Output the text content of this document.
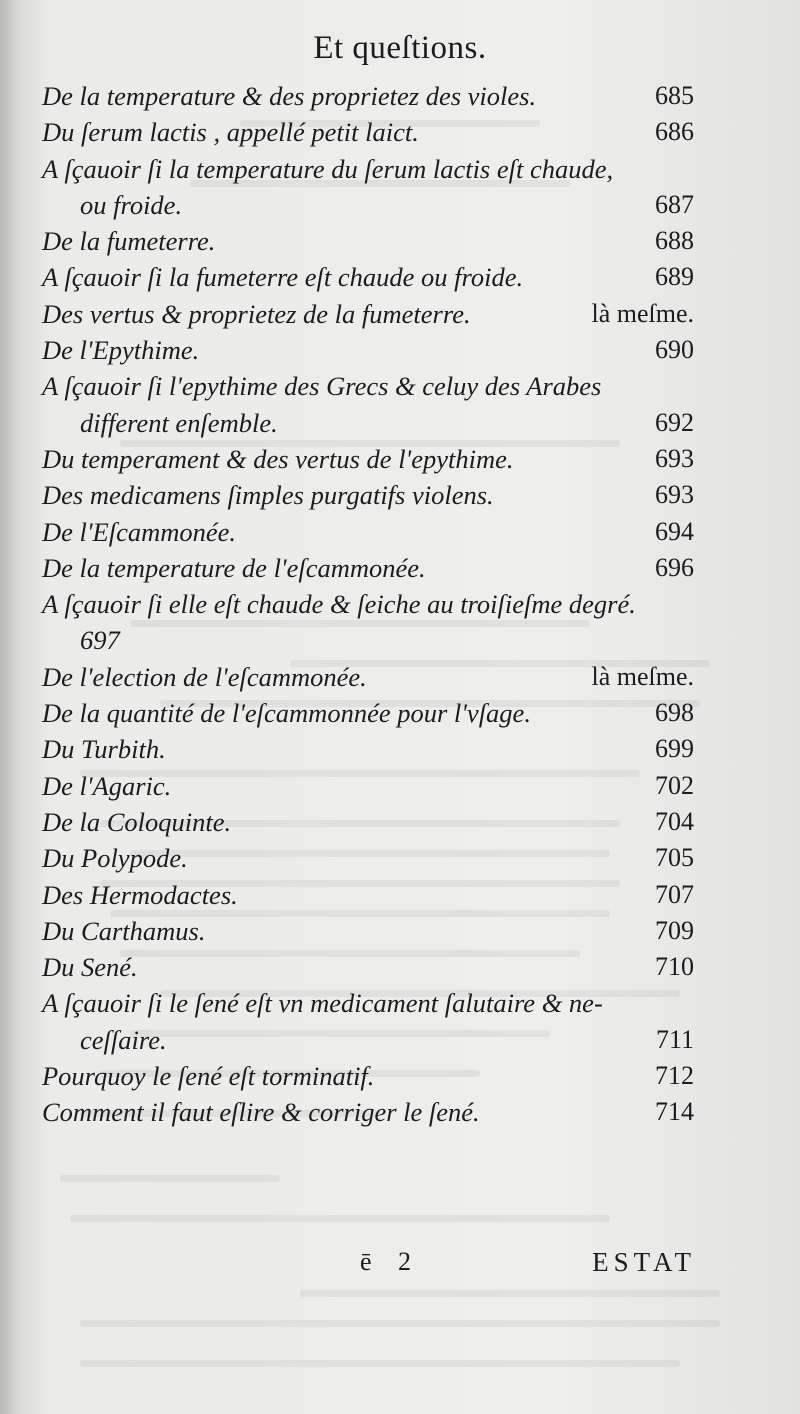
Et queſtions.
De la temperature & des proprietez des violes.	685
Du ſerum lactis , appellé petit laict.	686
A ſçauoir ſi la temperature du ſerum lactis eſt chaude,
ou froide.	687
De la fumeterre.	688
A ſçauoir ſi la fumeterre eſt chaude ou froide.	689
Des vertus & proprietez de la fumeterre.	là meſme.
De l'Epythime.	690
A ſçauoir ſi l'epythime des Grecs & celuy des Arabes
different enſemble.	692
Du temperament & des vertus de l'epythime.	693
Des medicamens ſimples purgatifs violens.	693
De l'Eſcammonée.	694
De la temperature de l'eſcammonée.	696
A ſçauoir ſi elle eſt chaude & ſeiche au troiſieſme degré.
697
De l'election de l'eſcammonée.	là meſme.
De la quantité de l'eſcammonnée pour l'vſage.	698
Du Turbith.	699
De l'Agaric.	702
De la Coloquinte.	704
Du Polypode.	705
Des Hermodactes.	707
Du Carthamus.	709
Du Sené.	710
A ſçauoir ſi le ſené eſt vn medicament ſalutaire & ne-
ceſſaire.	711
Pourquoy le ſené eſt torminatif.	712
Comment il faut eſlire & corriger le ſené.	714
ē 2	ESTAT
